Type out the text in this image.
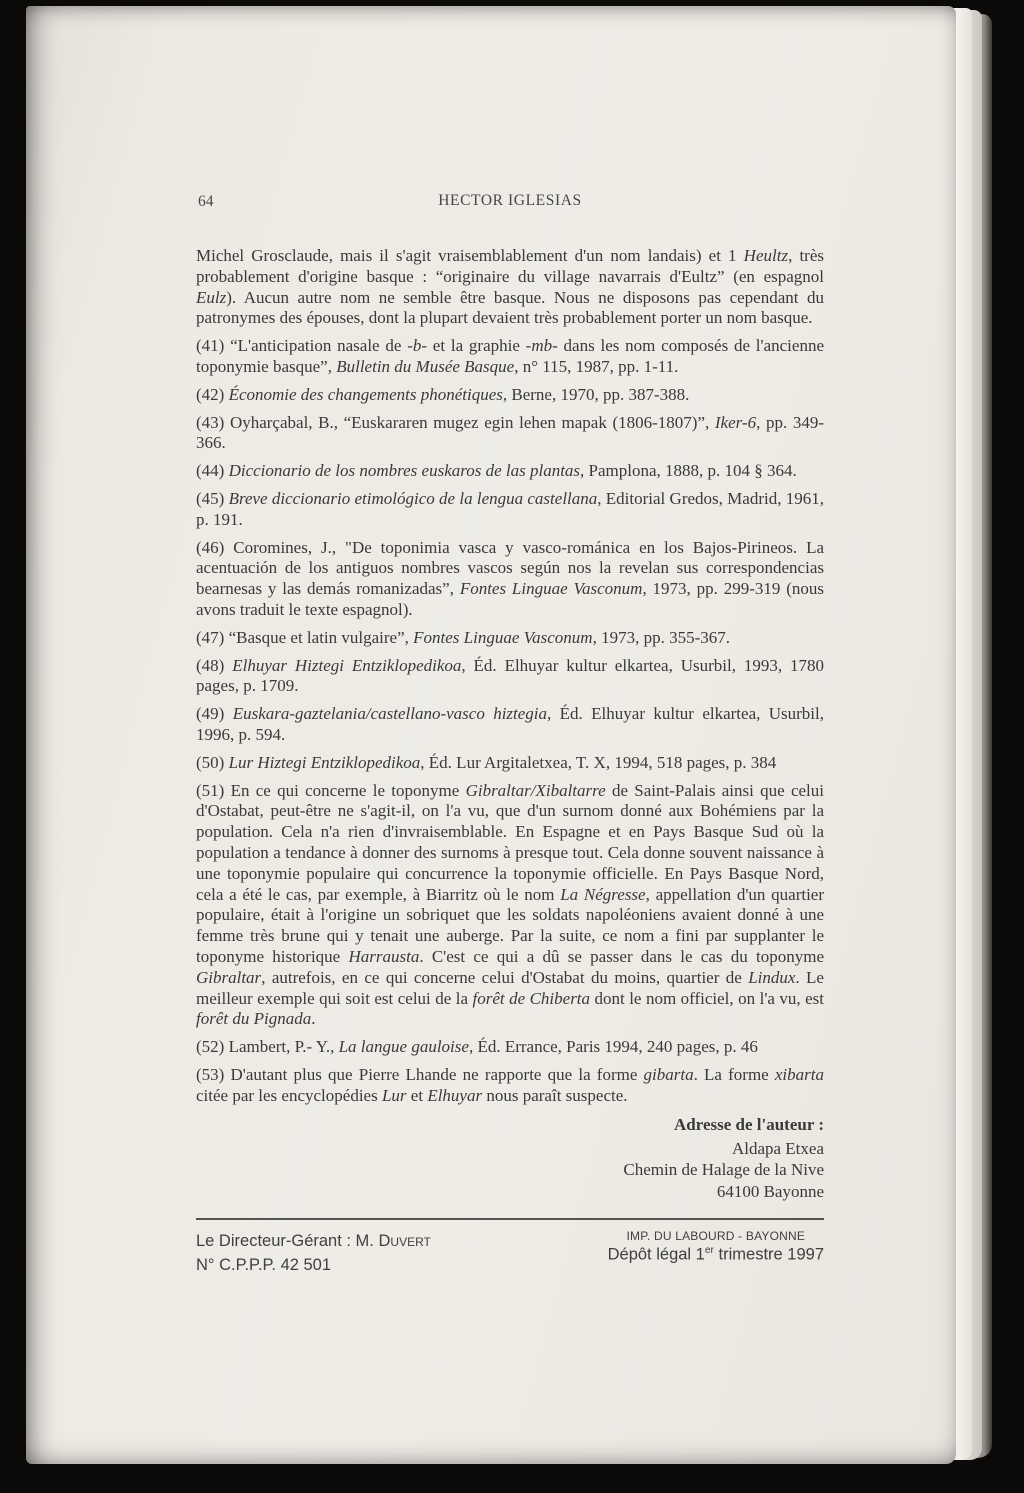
64	HECTOR IGLESIAS

Michel Grosclaude, mais il s'agit vraisemblablement d'un nom landais) et 1 Heultz, très probablement d'origine basque : “originaire du village navarrais d'Eultz” (en espagnol Eulz). Aucun autre nom ne semble être basque. Nous ne disposons pas cependant du patronymes des épouses, dont la plupart devaient très probablement porter un nom basque.

(41) “L'anticipation nasale de -b- et la graphie -mb- dans les nom composés de l'ancienne toponymie basque”, Bulletin du Musée Basque, n° 115, 1987, pp. 1-11.

(42) Économie des changements phonétiques, Berne, 1970, pp. 387-388.

(43) Oyharçabal, B., “Euskararen mugez egin lehen mapak (1806-1807)”, Iker-6, pp. 349-366.

(44) Diccionario de los nombres euskaros de las plantas, Pamplona, 1888, p. 104 § 364.

(45) Breve diccionario etimológico de la lengua castellana, Editorial Gredos, Madrid, 1961, p. 191.

(46) Coromines, J., "De toponimia vasca y vasco-románica en los Bajos-Pirineos. La acentuación de los antiguos nombres vascos según nos la revelan sus correspondencias bearnesas y las demás romanizadas”, Fontes Linguae Vasconum, 1973, pp. 299-319 (nous avons traduit le texte espagnol).

(47) “Basque et latin vulgaire”, Fontes Linguae Vasconum, 1973, pp. 355-367.

(48) Elhuyar Hiztegi Entziklopedikoa, Éd. Elhuyar kultur elkartea, Usurbil, 1993, 1780 pages, p. 1709.

(49) Euskara-gaztelania/castellano-vasco hiztegia, Éd. Elhuyar kultur elkartea, Usurbil, 1996, p. 594.

(50) Lur Hiztegi Entziklopedikoa, Éd. Lur Argitaletxea, T. X, 1994, 518 pages, p. 384

(51) En ce qui concerne le toponyme Gibraltar/Xibaltarre de Saint-Palais ainsi que celui d'Ostabat, peut-être ne s'agit-il, on l'a vu, que d'un surnom donné aux Bohémiens par la population. Cela n'a rien d'invraisemblable. En Espagne et en Pays Basque Sud où la population a tendance à donner des surnoms à presque tout. Cela donne souvent naissance à une toponymie populaire qui concurrence la toponymie officielle. En Pays Basque Nord, cela a été le cas, par exemple, à Biarritz où le nom La Négresse, appellation d'un quartier populaire, était à l'origine un sobriquet que les soldats napoléoniens avaient donné à une femme très brune qui y tenait une auberge. Par la suite, ce nom a fini par supplanter le toponyme historique Harrausta. C'est ce qui a dû se passer dans le cas du toponyme Gibraltar, autrefois, en ce qui concerne celui d'Ostabat du moins, quartier de Lindux. Le meilleur exemple qui soit est celui de la forêt de Chiberta dont le nom officiel, on l'a vu, est forêt du Pignada.

(52) Lambert, P.- Y., La langue gauloise, Éd. Errance, Paris 1994, 240 pages, p. 46

(53) D'autant plus que Pierre Lhande ne rapporte que la forme gibarta. La forme xibarta citée par les encyclopédies Lur et Elhuyar nous paraît suspecte.

Adresse de l'auteur :
Aldapa Etxea
Chemin de Halage de la Nive
64100 Bayonne
Le Directeur-Gérant : M. Duvert
N° C.P.P.P. 42 501
IMP. DU LABOURD - BAYONNE
Dépôt légal 1er trimestre 1997
